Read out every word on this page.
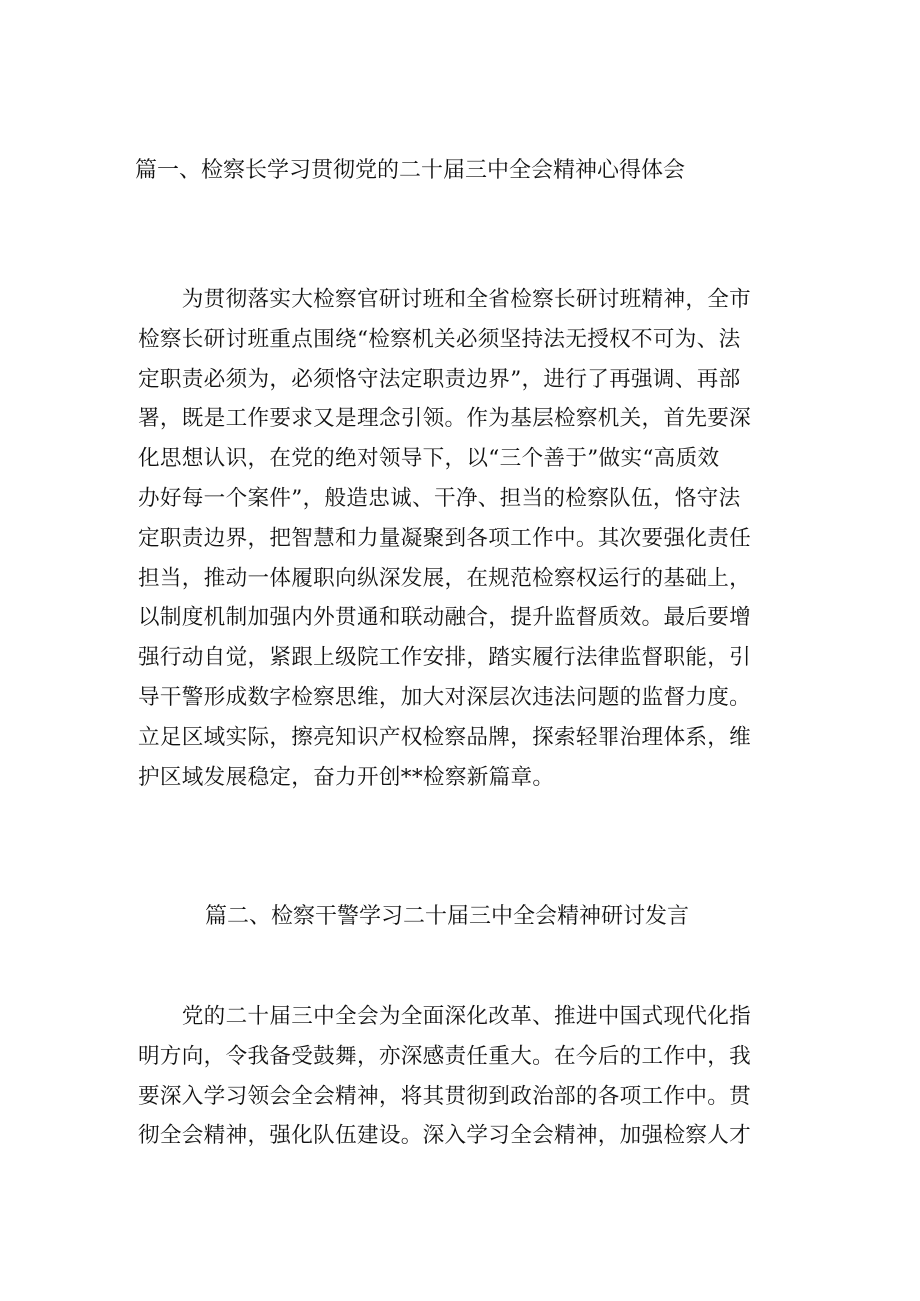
篇一、检察长学习贯彻党的二十届三中全会精神心得体会
　　为贯彻落实大检察官研讨班和全省检察长研讨班精神，全市
检察长研讨班重点围绕“检察机关必须坚持法无授权不可为、法
定职责必须为，必须恪守法定职责边界”，进行了再强调、再部
署，既是工作要求又是理念引领。作为基层检察机关，首先要深
化思想认识，在党的绝对领导下，以“三个善于”做实“高质效
办好每一个案件”，般造忠诚、干净、担当的检察队伍，恪守法
定职责边界，把智慧和力量凝聚到各项工作中。其次要强化责任
担当，推动一体履职向纵深发展，在规范检察权运行的基础上，
以制度机制加强内外贯通和联动融合，提升监督质效。最后要增
强行动自觉，紧跟上级院工作安排，踏实履行法律监督职能，引
导干警形成数字检察思维，加大对深层次违法问题的监督力度。
立足区域实际，擦亮知识产权检察品牌，探索轻罪治理体系，维
护区域发展稳定，奋力开创**检察新篇章。
篇二、检察干警学习二十届三中全会精神研讨发言
　　党的二十届三中全会为全面深化改革、推进中国式现代化指
明方向，令我备受鼓舞，亦深感责任重大。在今后的工作中，我
要深入学习领会全会精神，将其贯彻到政治部的各项工作中。贯
彻全会精神，强化队伍建设。深入学习全会精神，加强检察人才
